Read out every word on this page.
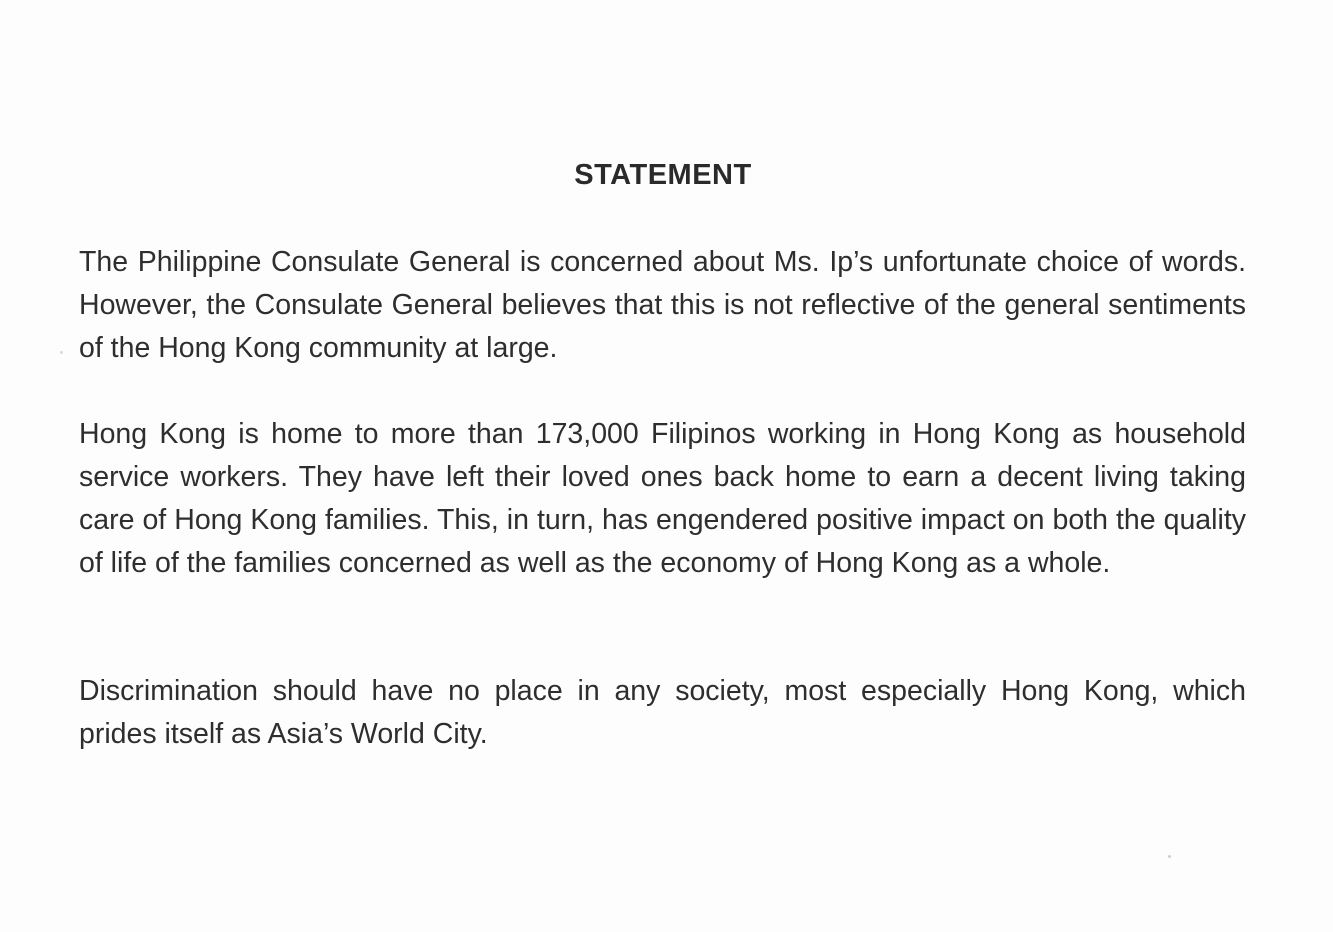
STATEMENT

The Philippine Consulate General is concerned about Ms. Ip’s unfortunate choice of words. However, the Consulate General believes that this is not reflective of the general sentiments of the Hong Kong community at large.

Hong Kong is home to more than 173,000 Filipinos working in Hong Kong as household service workers. They have left their loved ones back home to earn a decent living taking care of Hong Kong families. This, in turn, has engendered positive impact on both the quality of life of the families concerned as well as the economy of Hong Kong as a whole.

Discrimination should have no place in any society, most especially Hong Kong, which prides itself as Asia’s World City.
